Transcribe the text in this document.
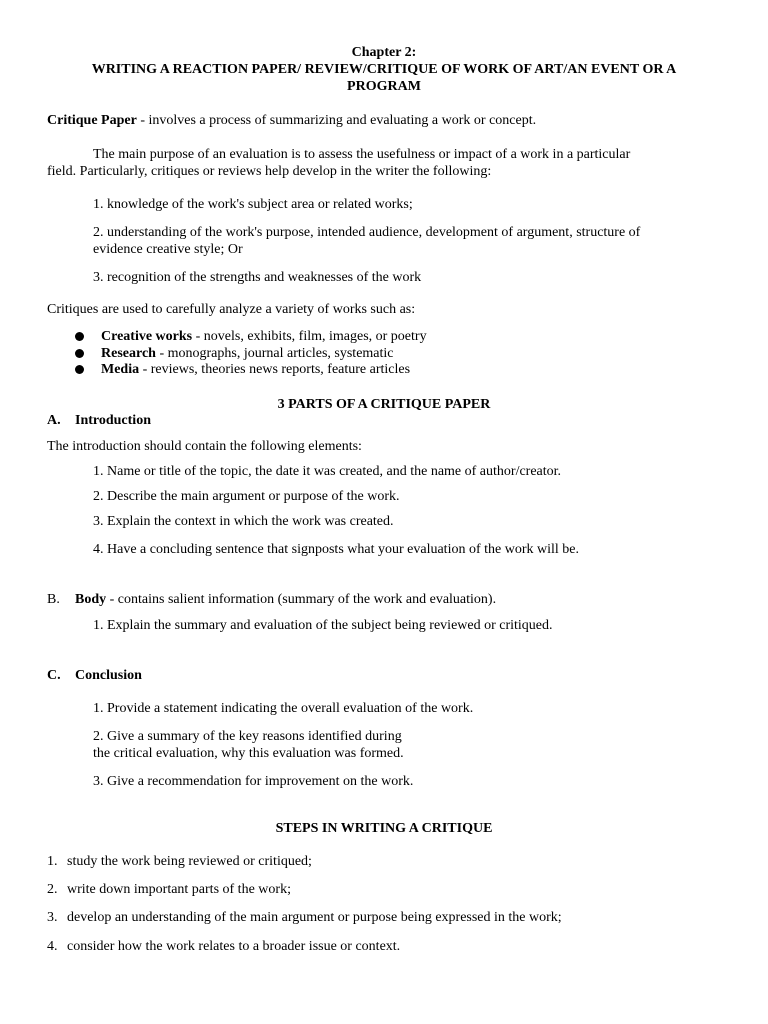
Chapter 2:
WRITING A REACTION PAPER/ REVIEW/CRITIQUE OF WORK OF ART/AN EVENT OR A
PROGRAM
Critique Paper - involves a process of summarizing and evaluating a work or concept.
The main purpose of an evaluation is to assess the usefulness or impact of a work in a particular
field. Particularly, critiques or reviews help develop in the writer the following:
1. knowledge of the work's subject area or related works;
2. understanding of the work's purpose, intended audience, development of argument, structure of
evidence creative style; Or
3. recognition of the strengths and weaknesses of the work
Critiques are used to carefully analyze a variety of works such as:
Creative works - novels, exhibits, film, images, or poetry
Research - monographs, journal articles, systematic
Media - reviews, theories news reports, feature articles
3 PARTS OF A CRITIQUE PAPER
A. Introduction
The introduction should contain the following elements:
1. Name or title of the topic, the date it was created, and the name of author/creator.
2. Describe the main argument or purpose of the work.
3. Explain the context in which the work was created.
4. Have a concluding sentence that signposts what your evaluation of the work will be.
B. Body - contains salient information (summary of the work and evaluation).
1. Explain the summary and evaluation of the subject being reviewed or critiqued.
C. Conclusion
1. Provide a statement indicating the overall evaluation of the work.
2. Give a summary of the key reasons identified during
the critical evaluation, why this evaluation was formed.
3. Give a recommendation for improvement on the work.
STEPS IN WRITING A CRITIQUE
1. study the work being reviewed or critiqued;
2. write down important parts of the work;
3. develop an understanding of the main argument or purpose being expressed in the work;
4. consider how the work relates to a broader issue or context.
